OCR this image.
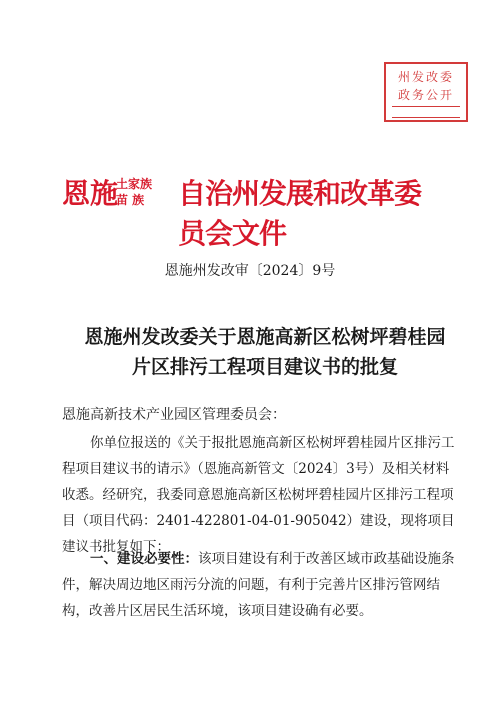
州发改委
政务公开
恩施
土家族
苗 族 自治州发展和改革委员会文件
恩施州发改审〔2024〕9号
恩施州发改委关于恩施高新区松树坪碧桂园
片区排污工程项目建议书的批复
恩施高新技术产业园区管理委员会：
你单位报送的《关于报批恩施高新区松树坪碧桂园片区排污工程项目建议书的请示》（恩施高新管文〔2024〕3号）及相关材料收悉。经研究，我委同意恩施高新区松树坪碧桂园片区排污工程项目（项目代码：2401-422801-04-01-905042）建设，现将项目建议书批复如下：
一、建设必要性：该项目建设有利于改善区域市政基础设施条件，解决周边地区雨污分流的问题，有利于完善片区排污管网结构，改善片区居民生活环境，该项目建设确有必要。
